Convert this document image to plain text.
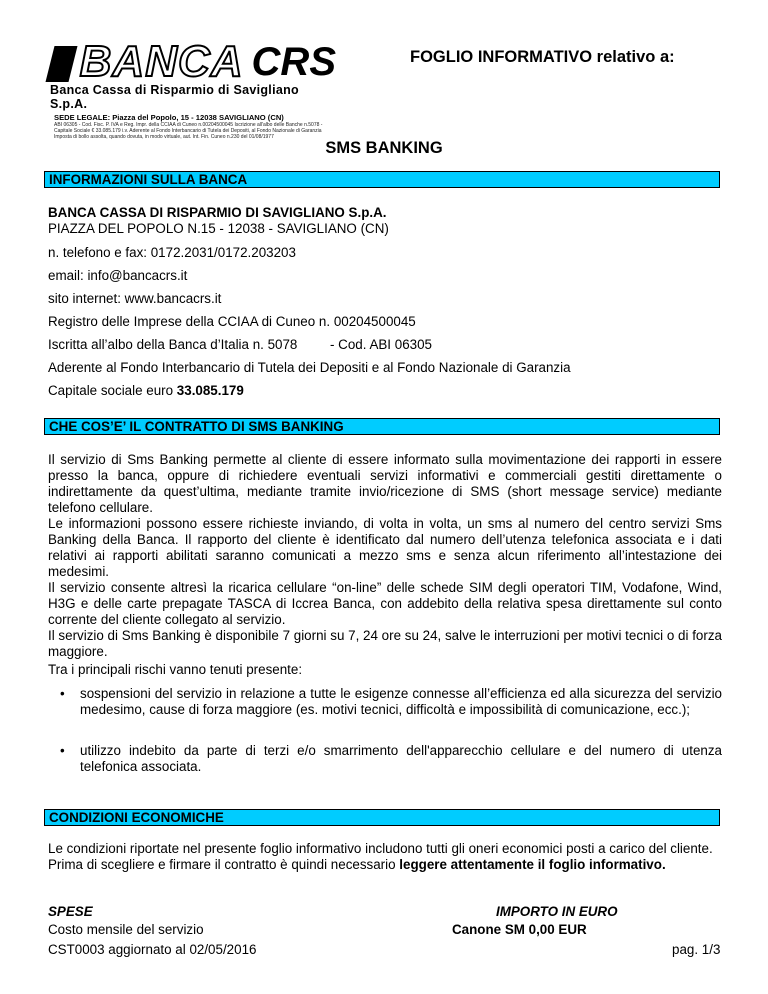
BANCA CRS
Banca Cassa di Risparmio di Savigliano S.p.A.
SEDE LEGALE: Piazza del Popolo, 15 - 12038 SAVIGLIANO (CN)
ABI 06305 - Cod. Fisc. P. IVA e Reg. Impr. della CCIAA di Cuneo n.00204500045 Iscrizione all'albo delle Banche n.5078 - Capitale Sociale € 33.085.179 i.v. Aderente al Fondo Interbancario di Tutela dei Depositi, al Fondo Nazionale di Garanzia Imposta di bollo assolta, quando dovuta, in modo virtuale, aut. Int. Fin. Cuneo n.230 del 01/08/1977
FOGLIO INFORMATIVO relativo a:
SMS BANKING
INFORMAZIONI SULLA BANCA
BANCA CASSA DI RISPARMIO DI SAVIGLIANO S.p.A.
PIAZZA DEL POPOLO N.15 - 12038 - SAVIGLIANO (CN)
n. telefono e fax: 0172.2031/0172.203203
email: info@bancacrs.it
sito internet: www.bancacrs.it
Registro delle Imprese della CCIAA di Cuneo n. 00204500045
Iscritta all’albo della Banca d’Italia n. 5078 - Cod. ABI 06305
Aderente al Fondo Interbancario di Tutela dei Depositi e al Fondo Nazionale di Garanzia
Capitale sociale euro 33.085.179
CHE COS’E’ IL CONTRATTO DI SMS BANKING

Il servizio di Sms Banking permette al cliente di essere informato sulla movimentazione dei rapporti in essere presso la banca, oppure di richiedere eventuali servizi informativi e commerciali gestiti direttamente o indirettamente da quest’ultima, mediante tramite invio/ricezione di SMS (short message service) mediante telefono cellulare.

Le informazioni possono essere richieste inviando, di volta in volta, un sms al numero del centro servizi Sms Banking della Banca. Il rapporto del cliente è identificato dal numero dell’utenza telefonica associata e i dati relativi ai rapporti abilitati saranno comunicati a mezzo sms e senza alcun riferimento all’intestazione dei medesimi.

Il servizio consente altresì la ricarica cellulare “on-line” delle schede SIM degli operatori TIM, Vodafone, Wind, H3G e delle carte prepagate TASCA di Iccrea Banca, con addebito della relativa spesa direttamente sul conto corrente del cliente collegato al servizio.

Il servizio di Sms Banking è disponibile 7 giorni su 7, 24 ore su 24, salve le interruzioni per motivi tecnici o di forza maggiore.

Tra i principali rischi vanno tenuti presente:
• sospensioni del servizio in relazione a tutte le esigenze connesse all’efficienza ed alla sicurezza del servizio medesimo, cause di forza maggiore (es. motivi tecnici, difficoltà e impossibilità di comunicazione, ecc.);
• utilizzo indebito da parte di terzi e/o smarrimento dell'apparecchio cellulare e del numero di utenza telefonica associata.
CONDIZIONI ECONOMICHE

Le condizioni riportate nel presente foglio informativo includono tutti gli oneri economici posti a carico del cliente.

Prima di scegliere e firmare il contratto è quindi necessario leggere attentamente il foglio informativo.

SPESE	IMPORTO IN EURO
Costo mensile del servizio	Canone SM 0,00 EUR
CST0003 aggiornato al 02/05/2016	pag. 1/3
